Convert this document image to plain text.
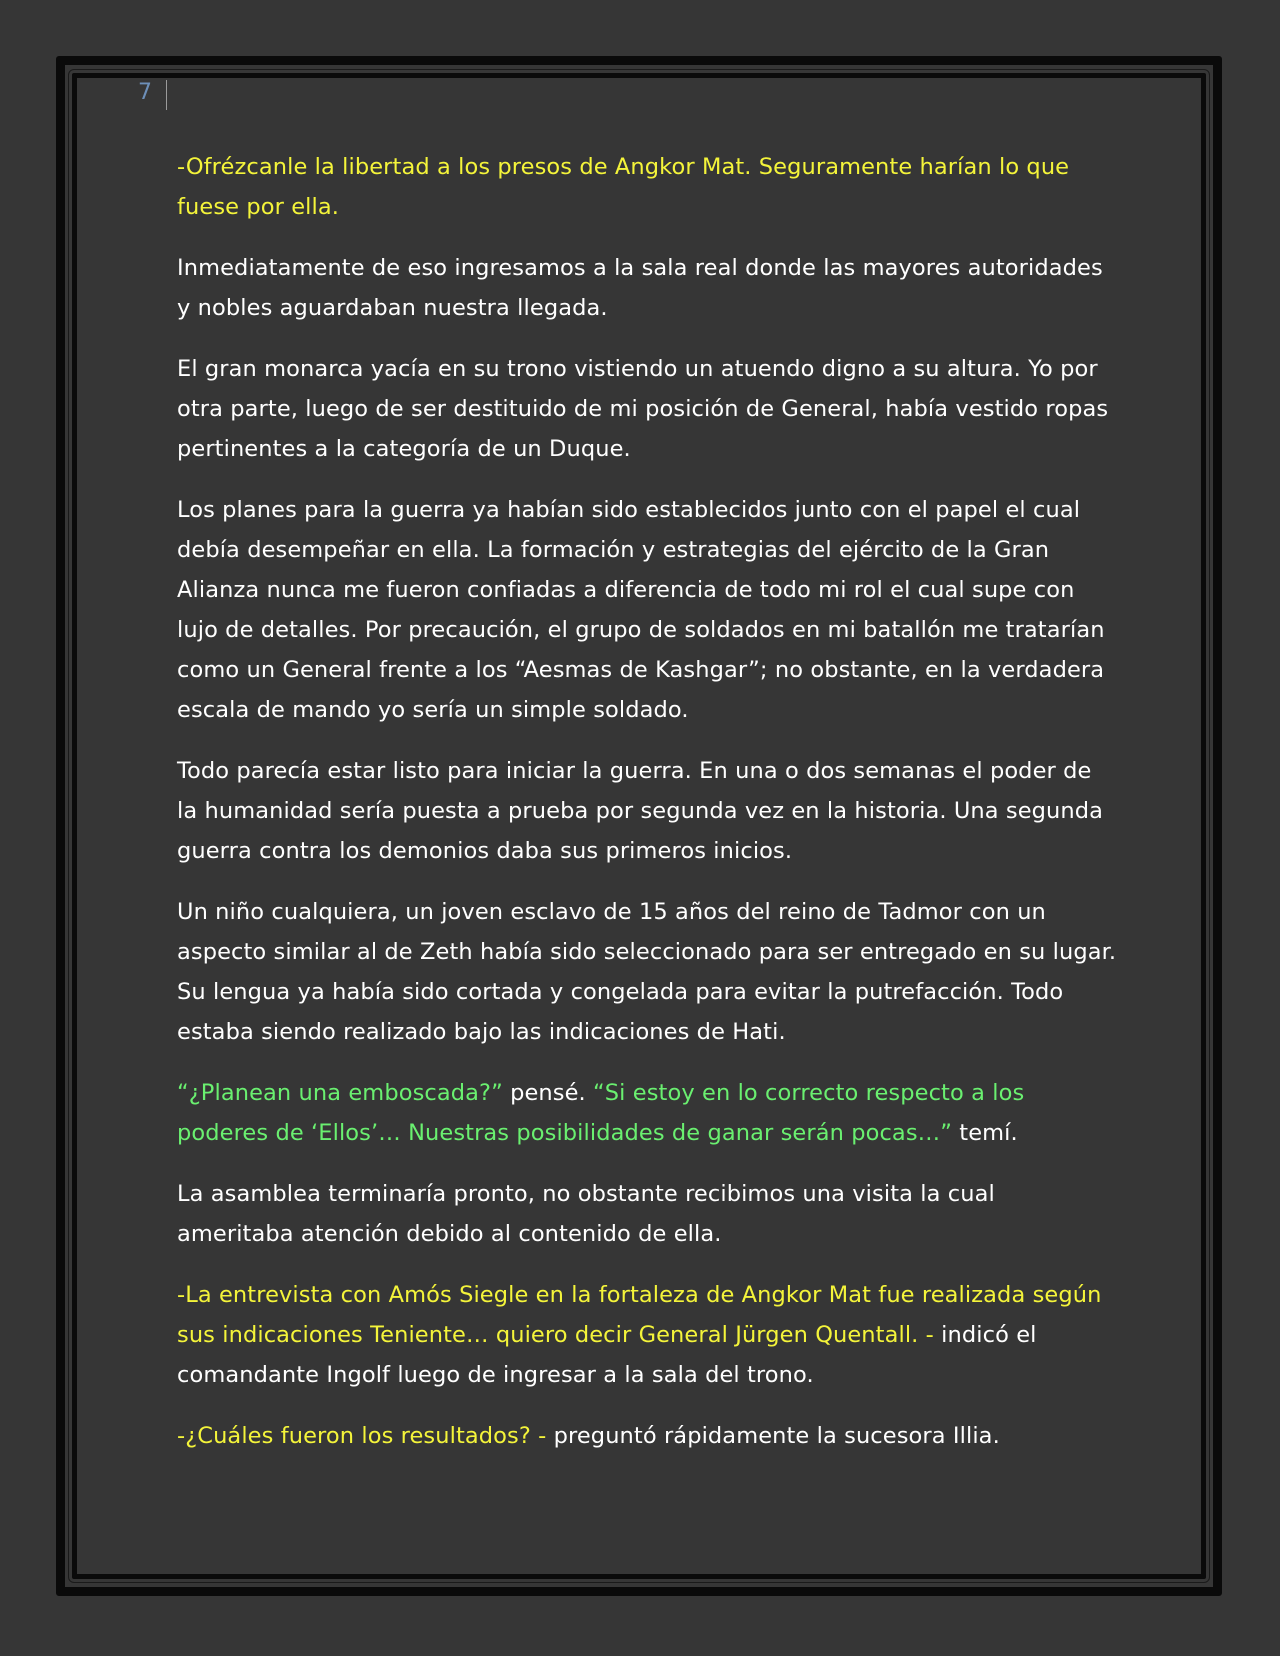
7

-Ofrézcanle la libertad a los presos de Angkor Mat. Seguramente harían lo que fuese por ella.

Inmediatamente de eso ingresamos a la sala real donde las mayores autoridades y nobles aguardaban nuestra llegada.

El gran monarca yacía en su trono vistiendo un atuendo digno a su altura. Yo por otra parte, luego de ser destituido de mi posición de General, había vestido ropas pertinentes a la categoría de un Duque.

Los planes para la guerra ya habían sido establecidos junto con el papel el cual debía desempeñar en ella. La formación y estrategias del ejército de la Gran Alianza nunca me fueron confiadas a diferencia de todo mi rol el cual supe con lujo de detalles. Por precaución, el grupo de soldados en mi batallón me tratarían como un General frente a los “Aesmas de Kashgar”; no obstante, en la verdadera escala de mando yo sería un simple soldado.

Todo parecía estar listo para iniciar la guerra. En una o dos semanas el poder de la humanidad sería puesta a prueba por segunda vez en la historia. Una segunda guerra contra los demonios daba sus primeros inicios.

Un niño cualquiera, un joven esclavo de 15 años del reino de Tadmor con un aspecto similar al de Zeth había sido seleccionado para ser entregado en su lugar. Su lengua ya había sido cortada y congelada para evitar la putrefacción. Todo estaba siendo realizado bajo las indicaciones de Hati.

“¿Planean una emboscada?” pensé. “Si estoy en lo correcto respecto a los poderes de ‘Ellos’… Nuestras posibilidades de ganar serán pocas…” temí.

La asamblea terminaría pronto, no obstante recibimos una visita la cual ameritaba atención debido al contenido de ella.

-La entrevista con Amós Siegle en la fortaleza de Angkor Mat fue realizada según sus indicaciones Teniente… quiero decir General Jürgen Quentall. - indicó el comandante Ingolf luego de ingresar a la sala del trono.

-¿Cuáles fueron los resultados? - preguntó rápidamente la sucesora Illia.
